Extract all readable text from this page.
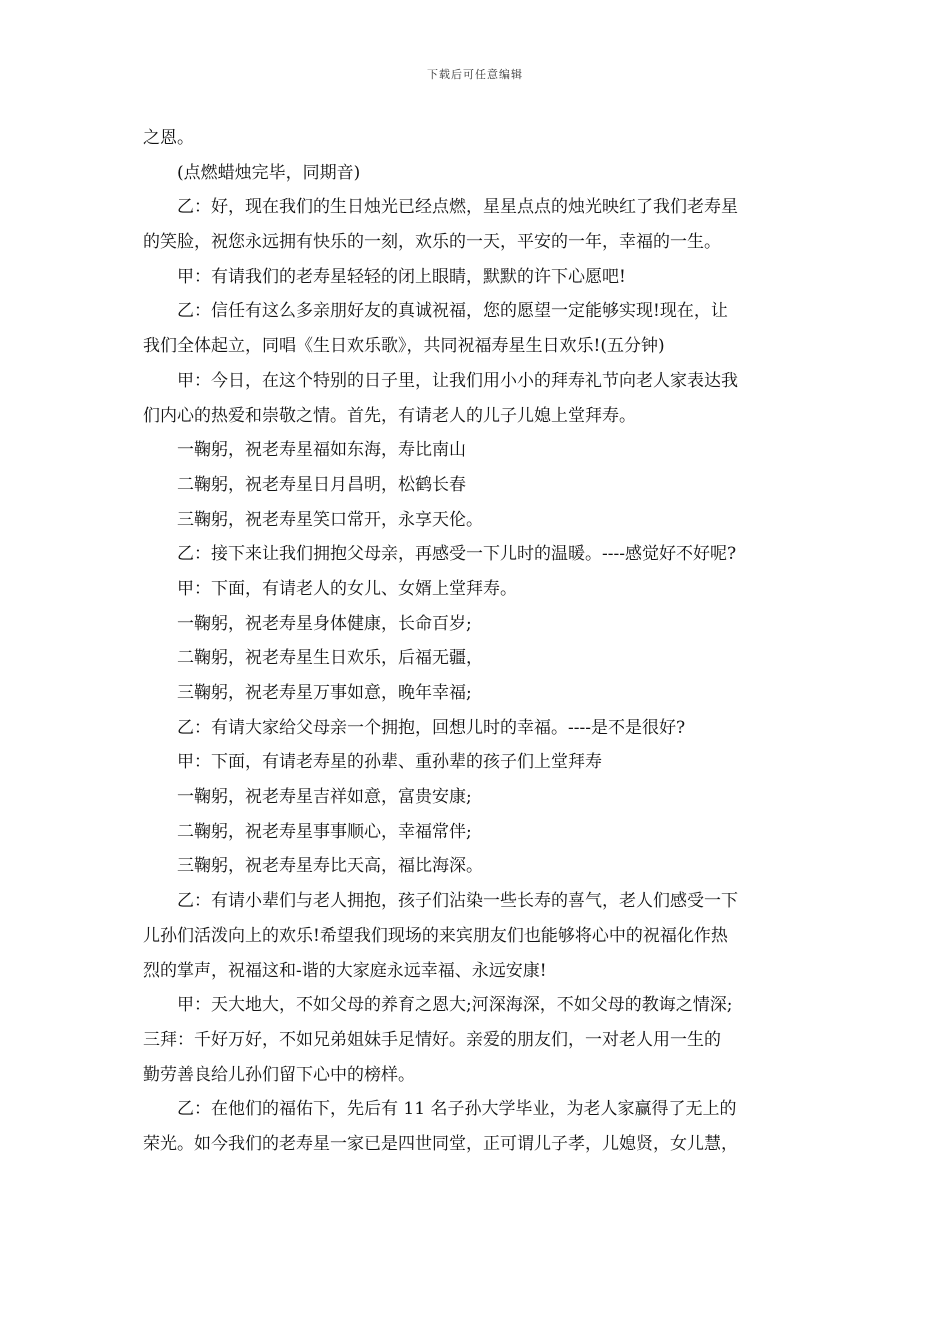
下载后可任意编辑
之恩。
(点燃蜡烛完毕，同期音)
乙：好，现在我们的生日烛光已经点燃，星星点点的烛光映红了我们老寿星
的笑脸，祝您永远拥有快乐的一刻，欢乐的一天，平安的一年，幸福的一生。
甲：有请我们的老寿星轻轻的闭上眼睛，默默的许下心愿吧!
乙：信任有这么多亲朋好友的真诚祝福，您的愿望一定能够实现!现在，让
我们全体起立，同唱《生日欢乐歌》，共同祝福寿星生日欢乐!(五分钟)
甲：今日，在这个特别的日子里，让我们用小小的拜寿礼节向老人家表达我
们内心的热爱和崇敬之情。首先，有请老人的儿子儿媳上堂拜寿。
一鞠躬，祝老寿星福如东海，寿比南山
二鞠躬，祝老寿星日月昌明，松鹤长春
三鞠躬，祝老寿星笑口常开，永享天伦。
乙：接下来让我们拥抱父母亲，再感受一下儿时的温暖。----感觉好不好呢?
甲：下面，有请老人的女儿、女婿上堂拜寿。
一鞠躬，祝老寿星身体健康，长命百岁;
二鞠躬，祝老寿星生日欢乐，后福无疆，
三鞠躬，祝老寿星万事如意，晚年幸福;
乙：有请大家给父母亲一个拥抱，回想儿时的幸福。----是不是很好?
甲：下面，有请老寿星的孙辈、重孙辈的孩子们上堂拜寿
一鞠躬，祝老寿星吉祥如意，富贵安康;
二鞠躬，祝老寿星事事顺心，幸福常伴;
三鞠躬，祝老寿星寿比天高，福比海深。
乙：有请小辈们与老人拥抱，孩子们沾染一些长寿的喜气，老人们感受一下
儿孙们活泼向上的欢乐!希望我们现场的来宾朋友们也能够将心中的祝福化作热
烈的掌声，祝福这和-谐的大家庭永远幸福、永远安康!
甲：天大地大，不如父母的养育之恩大;河深海深，不如父母的教诲之情深;
三拜：千好万好，不如兄弟姐妹手足情好。亲爱的朋友们，一对老人用一生的
勤劳善良给儿孙们留下心中的榜样。
乙：在他们的福佑下，先后有 11 名子孙大学毕业，为老人家赢得了无上的
荣光。如今我们的老寿星一家已是四世同堂，正可谓儿子孝，儿媳贤，女儿慧，
